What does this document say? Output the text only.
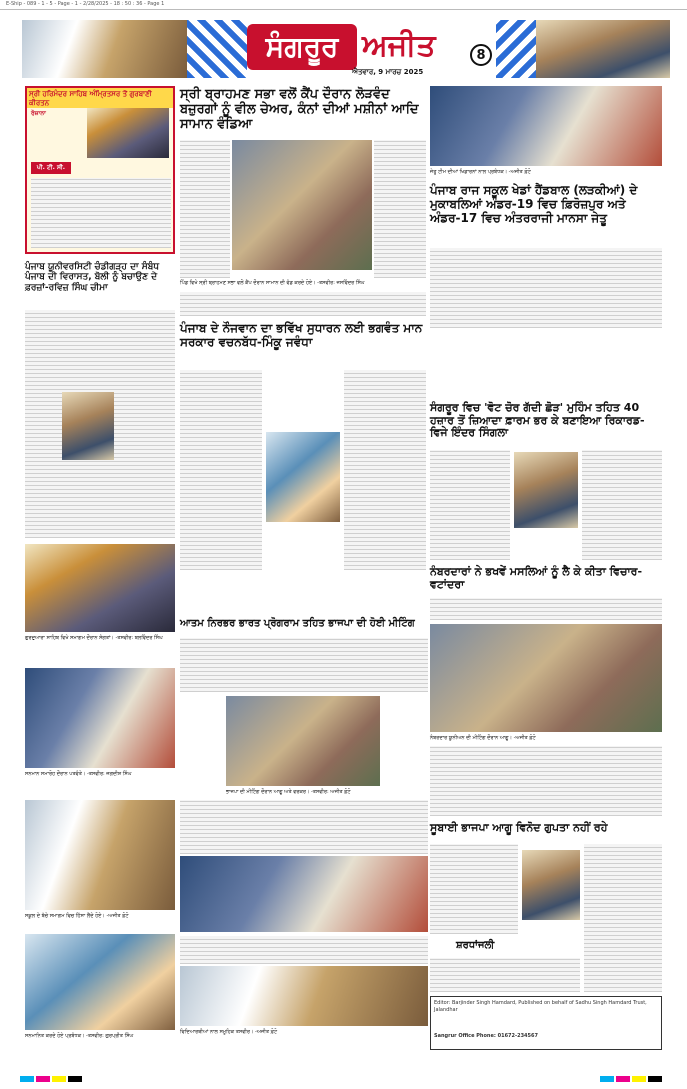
E-Ship - 089 - 1 - 5 - Page - 1 - 2/28/2025 - 18 : 50 : 36 - Page 1
ਸੰਗਰੂਰ ਅਜੀਤ
ਐਤਵਾਰ, 9 ਮਾਰਚ 2025
8
ਸ੍ਰੀ ਹਰਿਮੰਦਰ ਸਾਹਿਬ ਅੰਮ੍ਰਿਤਸਰ ਤੋਂ ਗੁਰਬਾਣੀ ਕੀਰਤਨ
ਰੋਜ਼ਾਨਾ
ਪੀ. ਟੀ. ਸੀ.
ਸ੍ਰੀ ਬ੍ਰਾਹਮਣ ਸਭਾ ਵਲੋਂ ਕੈਂਪ ਦੌਰਾਨ ਲੋੜਵੰਦ ਬਜ਼ੁਰਗਾਂ ਨੂੰ ਵੀਲ ਚੇਅਰ, ਕੰਨਾਂ ਦੀਆਂ ਮਸ਼ੀਨਾਂ ਆਦਿ ਸਾਮਾਨ ਵੰਡਿਆ
ਪਿੰਡ ਵਿਖੇ ਸ੍ਰੀ ਬ੍ਰਾਹਮਣ ਸਭਾ ਵਲੋਂ ਕੈਂਪ ਦੌਰਾਨ ਸਾਮਾਨ ਦੀ ਵੰਡ ਕਰਦੇ ਹੋਏ। -ਤਸਵੀਰ: ਜਸਵਿੰਦਰ ਸਿੰਘ
ਜੇਤੂ ਟੀਮ ਦੀਆਂ ਖਿਡਾਰਨਾਂ ਨਾਲ ਪ੍ਰਬੰਧਕ। -ਅਜੀਤ ਫ਼ੋਟੋ
ਪੰਜਾਬ ਰਾਜ ਸਕੂਲ ਖੇਡਾਂ ਹੈਂਡਬਾਲ (ਲੜਕੀਆਂ) ਦੇ ਮੁਕਾਬਲਿਆਂ ਅੰਡਰ-19 ਵਿਚ ਫ਼ਿਰੋਜ਼ਪੁਰ ਅਤੇ ਅੰਡਰ-17 ਵਿਚ ਅੰਤਰਰਾਜੀ ਮਾਨਸਾ ਜੇਤੂ
ਪੰਜਾਬ ਯੂਨੀਵਰਸਿਟੀ ਚੰਡੀਗੜ੍ਹ ਦਾ ਸੰਬੰਧ ਪੰਜਾਬ ਦੀ ਵਿਰਾਸਤ, ਬੋਲੀ ਨੂੰ ਬਚਾਉਣ ਦੇ ਫ਼ਰਜ਼ਾਂ-ਰਵਿਜ਼ ਸਿੰਘ ਚੀਮਾ
ਪੰਜਾਬ ਦੇ ਨੌਜਵਾਨ ਦਾ ਭਵਿੱਖ ਸੁਧਾਰਨ ਲਈ ਭਗਵੰਤ ਮਾਨ ਸਰਕਾਰ ਵਚਨਬੱਧ-ਮਿੰਕੂ ਜਵੰਧਾ
ਸੰਗਰੂਰ ਵਿਚ 'ਵੋਟ ਚੋਰ ਗੱਦੀ ਛੋੜ' ਮੁਹਿੰਮ ਤਹਿਤ 40 ਹਜ਼ਾਰ ਤੋਂ ਜ਼ਿਆਦਾ ਫ਼ਾਰਮ ਭਰ ਕੇ ਬਣਾਇਆ ਰਿਕਾਰਡ-ਵਿਜੇ ਇੰਦਰ ਸਿੰਗਲਾ
ਨੰਬਰਦਾਰਾਂ ਨੇ ਭਖਵੇਂ ਮਸਲਿਆਂ ਨੂੰ ਲੈ ਕੇ ਕੀਤਾ ਵਿਚਾਰ-ਵਟਾਂਦਰਾ
ਨੰਬਰਦਾਰ ਯੂਨੀਅਨ ਦੀ ਮੀਟਿੰਗ ਦੌਰਾਨ ਆਗੂ। -ਅਜੀਤ ਫ਼ੋਟੋ
ਗੁਰਦੁਆਰਾ ਸਾਹਿਬ ਵਿਖੇ ਸਮਾਗਮ ਦੌਰਾਨ ਸੰਗਤਾਂ। -ਤਸਵੀਰ: ਬਲਵਿੰਦਰ ਸਿੰਘ
ਸਨਮਾਨ ਸਮਾਰੋਹ ਦੌਰਾਨ ਪਤਵੰਤੇ। -ਤਸਵੀਰ: ਜਗਦੀਸ਼ ਸਿੰਘ
ਸਕੂਲ ਦੇ ਬੱਚੇ ਸਮਾਗਮ ਵਿਚ ਹਿੱਸਾ ਲੈਂਦੇ ਹੋਏ। -ਅਜੀਤ ਫ਼ੋਟੋ
ਸਨਮਾਨਿਤ ਕਰਦੇ ਹੋਏ ਪ੍ਰਬੰਧਕ। -ਤਸਵੀਰ: ਗੁਰਪ੍ਰੀਤ ਸਿੰਘ
ਆਤਮ ਨਿਰਭਰ ਭਾਰਤ ਪ੍ਰੋਗਰਾਮ ਤਹਿਤ ਭਾਜਪਾ ਦੀ ਹੋਈ ਮੀਟਿੰਗ
ਭਾਜਪਾ ਦੀ ਮੀਟਿੰਗ ਦੌਰਾਨ ਆਗੂ ਅਤੇ ਵਰਕਰ। -ਤਸਵੀਰ: ਅਜੀਤ ਫ਼ੋਟੋ
ਵਿਦਿਆਰਥੀਆਂ ਨਾਲ ਸਮੂਹਿਕ ਤਸਵੀਰ। -ਅਜੀਤ ਫ਼ੋਟੋ
ਸੂਬਾਈ ਭਾਜਪਾ ਆਗੂ ਵਿਨੋਦ ਗੁਪਤਾ ਨਹੀਂ ਰਹੇ
ਸ਼ਰਧਾਂਜਲੀ
Editor: Barjinder Singh Hamdard, Published on behalf of Sadhu Singh Hamdard Trust, Jalandhar
Sangrur Office Phone: 01672-234567
